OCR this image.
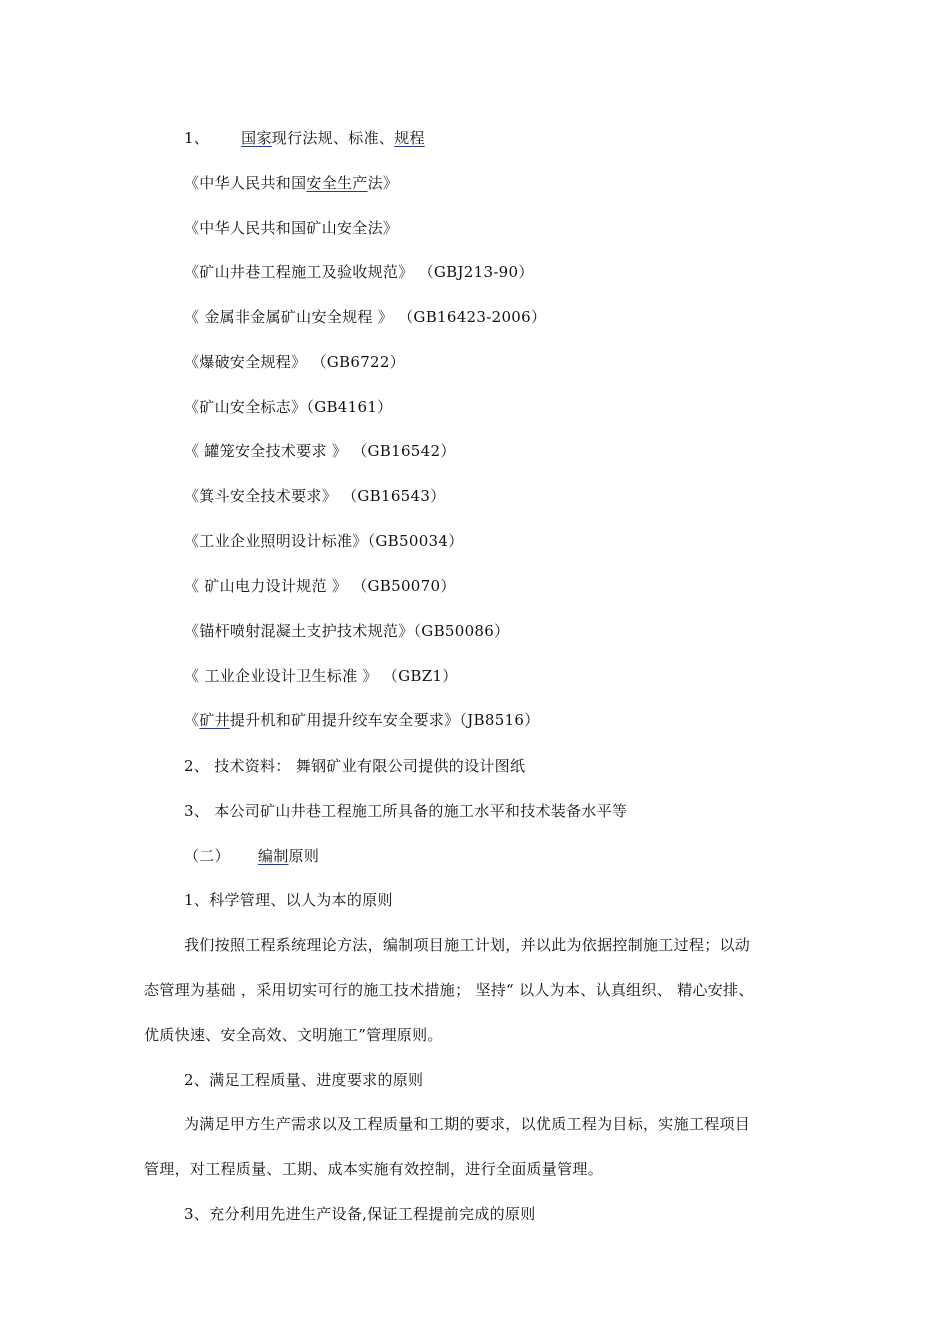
1、 国家现行法规、标准、规程
《中华人民共和国安全生产法》
《中华人民共和国矿山安全法》
《矿山井巷工程施工及验收规范》 （GBJ213-90）
《 金属非金属矿山安全规程 》 （GB16423-2006）
《爆破安全规程》 （GB6722）
《矿山安全标志》（GB4161）
《 罐笼安全技术要求 》 （GB16542）
《箕斗安全技术要求》 （GB16543）
《工业企业照明设计标准》（GB50034）
《 矿山电力设计规范 》 （GB50070）
《锚杆喷射混凝土支护技术规范》（GB50086）
《 工业企业设计卫生标准 》 （GBZ1）
《矿井提升机和矿用提升绞车安全要求》（JB8516）
2、 技术资料： 舞钢矿业有限公司提供的设计图纸
3、 本公司矿山井巷工程施工所具备的施工水平和技术装备水平等
（二） 编制原则
1、科学管理、以人为本的原则
我们按照工程系统理论方法，编制项目施工计划，并以此为依据控制施工过程；以动
态管理为基础 ，采用切实可行的施工技术措施； 坚持“ 以人为本、认真组织、 精心安排、
优质快速、安全高效、文明施工”管理原则。
2、满足工程质量、进度要求的原则
为满足甲方生产需求以及工程质量和工期的要求，以优质工程为目标，实施工程项目
管理，对工程质量、工期、成本实施有效控制，进行全面质量管理。
3、充分利用先进生产设备,保证工程提前完成的原则
